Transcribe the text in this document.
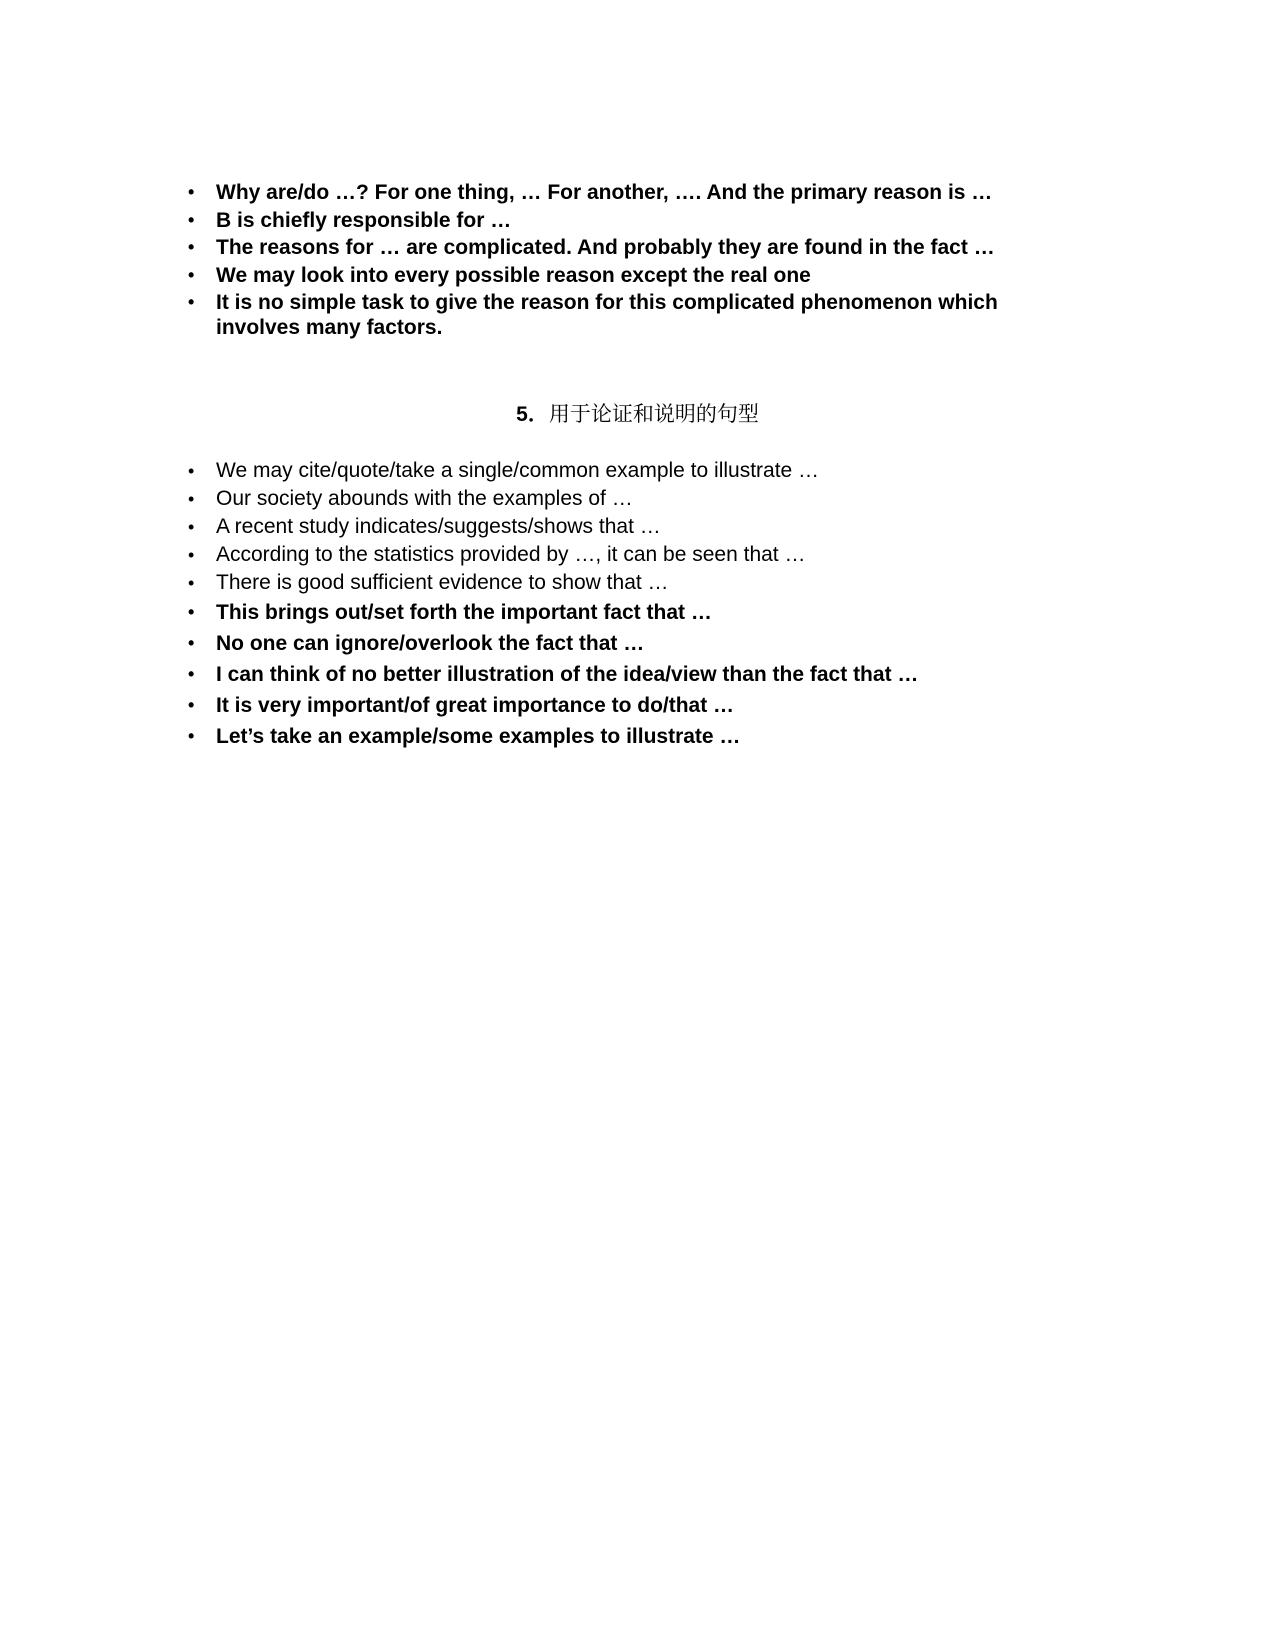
• Why are/do …? For one thing, … For another, …. And the primary reason is …
• B is chiefly responsible for …
• The reasons for … are complicated. And probably they are found in the fact …
• We may look into every possible reason except the real one
• It is no simple task to give the reason for this complicated phenomenon which involves many factors.
5．用于论证和说明的句型
• We may cite/quote/take a single/common example to illustrate …
• Our society abounds with the examples of …
• A recent study indicates/suggests/shows that …
• According to the statistics provided by …, it can be seen that …
• There is good sufficient evidence to show that …
• This brings out/set forth the important fact that …
• No one can ignore/overlook the fact that …
• I can think of no better illustration of the idea/view than the fact that …
• It is very important/of great importance to do/that …
• Let’s take an example/some examples to illustrate …
